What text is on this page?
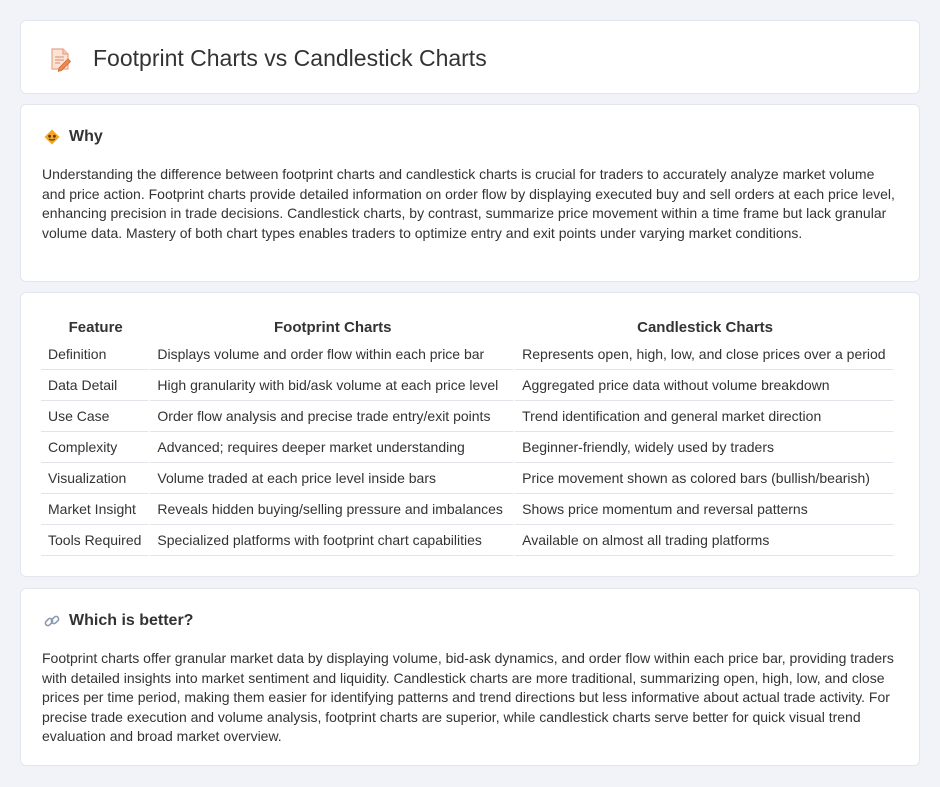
Footprint Charts vs Candlestick Charts
Why

Understanding the difference between footprint charts and candlestick charts is crucial for traders to accurately analyze market volume and price action. Footprint charts provide detailed information on order flow by displaying executed buy and sell orders at each price level, enhancing precision in trade decisions. Candlestick charts, by contrast, summarize price movement within a time frame but lack granular volume data. Mastery of both chart types enables traders to optimize entry and exit points under varying market conditions.

Feature	Footprint Charts	Candlestick Charts
Definition	Displays volume and order flow within each price bar	Represents open, high, low, and close prices over a period
Data Detail	High granularity with bid/ask volume at each price level	Aggregated price data without volume breakdown
Use Case	Order flow analysis and precise trade entry/exit points	Trend identification and general market direction
Complexity	Advanced; requires deeper market understanding	Beginner-friendly, widely used by traders
Visualization	Volume traded at each price level inside bars	Price movement shown as colored bars (bullish/bearish)
Market Insight	Reveals hidden buying/selling pressure and imbalances	Shows price momentum and reversal patterns
Tools Required	Specialized platforms with footprint chart capabilities	Available on almost all trading platforms
Which is better?

Footprint charts offer granular market data by displaying volume, bid-ask dynamics, and order flow within each price bar, providing traders with detailed insights into market sentiment and liquidity. Candlestick charts are more traditional, summarizing open, high, low, and close prices per time period, making them easier for identifying patterns and trend directions but less informative about actual trade activity. For precise trade execution and volume analysis, footprint charts are superior, while candlestick charts serve better for quick visual trend evaluation and broad market overview.
